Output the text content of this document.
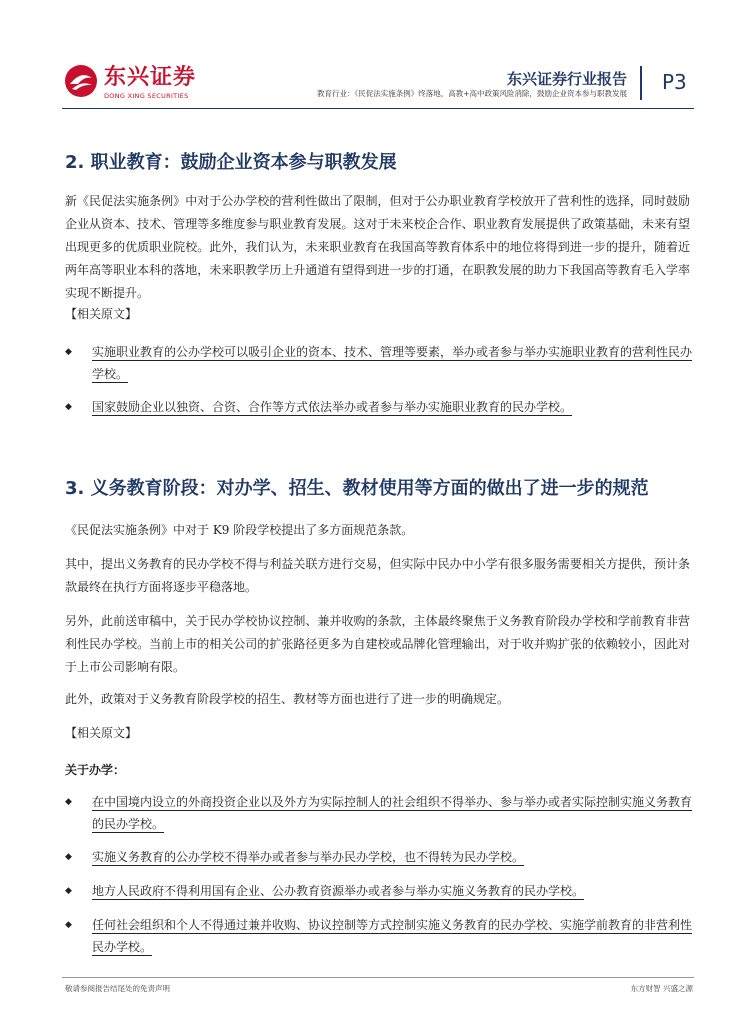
东兴证券
DONG XING SECURITIES
东兴证券行业报告
教育行业：《民促法实施条例》终落地，高教+高中政策风险消除，鼓励企业资本参与职教发展 P3
2. 职业教育：鼓励企业资本参与职教发展

新《民促法实施条例》中对于公办学校的营利性做出了限制，但对于公办职业教育学校放开了营利性的选择，同时鼓励企业从资本、技术、管理等多维度参与职业教育发展。这对于未来校企合作、职业教育发展提供了政策基础，未来有望出现更多的优质职业院校。此外，我们认为，未来职业教育在我国高等教育体系中的地位将得到进一步的提升，随着近两年高等职业本科的落地，未来职教学历上升通道有望得到进一步的打通，在职教发展的助力下我国高等教育毛入学率实现不断提升。

【相关原文】
◆ 实施职业教育的公办学校可以吸引企业的资本、技术、管理等要素，举办或者参与举办实施职业教育的营利性民办学校。
◆ 国家鼓励企业以独资、合资、合作等方式依法举办或者参与举办实施职业教育的民办学校。
3. 义务教育阶段：对办学、招生、教材使用等方面的做出了进一步的规范

《民促法实施条例》中对于 K9 阶段学校提出了多方面规范条款。

其中，提出义务教育的民办学校不得与利益关联方进行交易，但实际中民办中小学有很多服务需要相关方提供，预计条款最终在执行方面将逐步平稳落地。

另外，此前送审稿中，关于民办学校协议控制、兼并收购的条款，主体最终聚焦于义务教育阶段办学校和学前教育非营利性民办学校。当前上市的相关公司的扩张路径更多为自建校或品牌化管理输出，对于收并购扩张的依赖较小，因此对于上市公司影响有限。

此外，政策对于义务教育阶段学校的招生、教材等方面也进行了进一步的明确规定。

【相关原文】
关于办学：
◆ 在中国境内设立的外商投资企业以及外方为实际控制人的社会组织不得举办、参与举办或者实际控制实施义务教育的民办学校。
◆ 实施义务教育的公办学校不得举办或者参与举办民办学校，也不得转为民办学校。
◆ 地方人民政府不得利用国有企业、公办教育资源举办或者参与举办实施义务教育的民办学校。
◆ 任何社会组织和个人不得通过兼并收购、协议控制等方式控制实施义务教育的民办学校、实施学前教育的非营利性民办学校。
敬请参阅报告结尾处的免责声明	东方财智 兴盛之源
